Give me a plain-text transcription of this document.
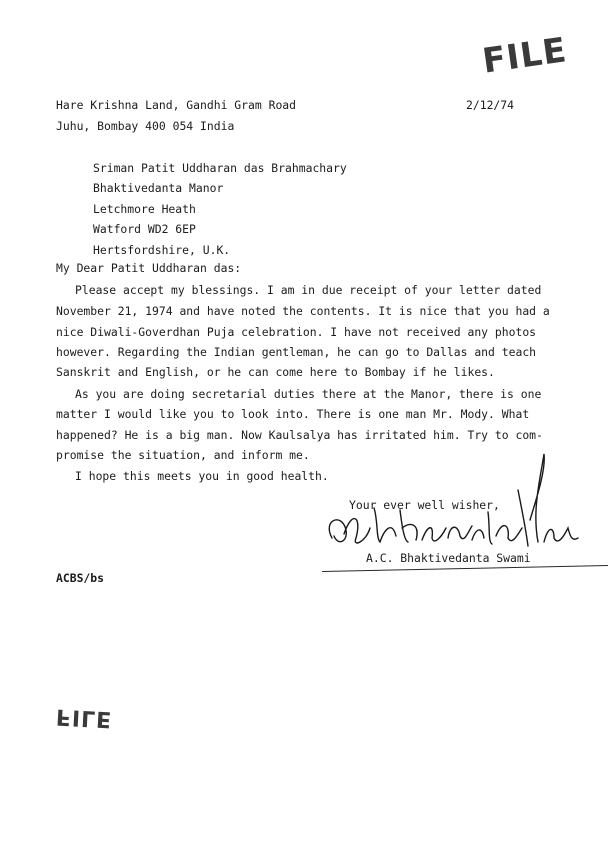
FILE
Hare Krishna Land, Gandhi Gram Road
Juhu, Bombay 400 054 India
2/12/74
Sriman Patit Uddharan das Brahmachary
Bhaktivedanta Manor
Letchmore Heath
Watford WD2 6EP
Hertsfordshire, U.K.
My Dear Patit Uddharan das:
Please accept my blessings. I am in due receipt of your letter dated
November 21, 1974 and have noted the contents. It is nice that you had a
nice Diwali-Goverdhan Puja celebration. I have not received any photos
however. Regarding the Indian gentleman, he can go to Dallas and teach
Sanskrit and English, or he can come here to Bombay if he likes.
As you are doing secretarial duties there at the Manor, there is one
matter I would like you to look into. There is one man Mr. Mody. What
happened? He is a big man. Now Kaulsalya has irritated him. Try to com-
promise the situation, and inform me.
I hope this meets you in good health.
Your ever well wisher,
A.C. Bhaktivedanta Swami
ACBS/bs
FILE
